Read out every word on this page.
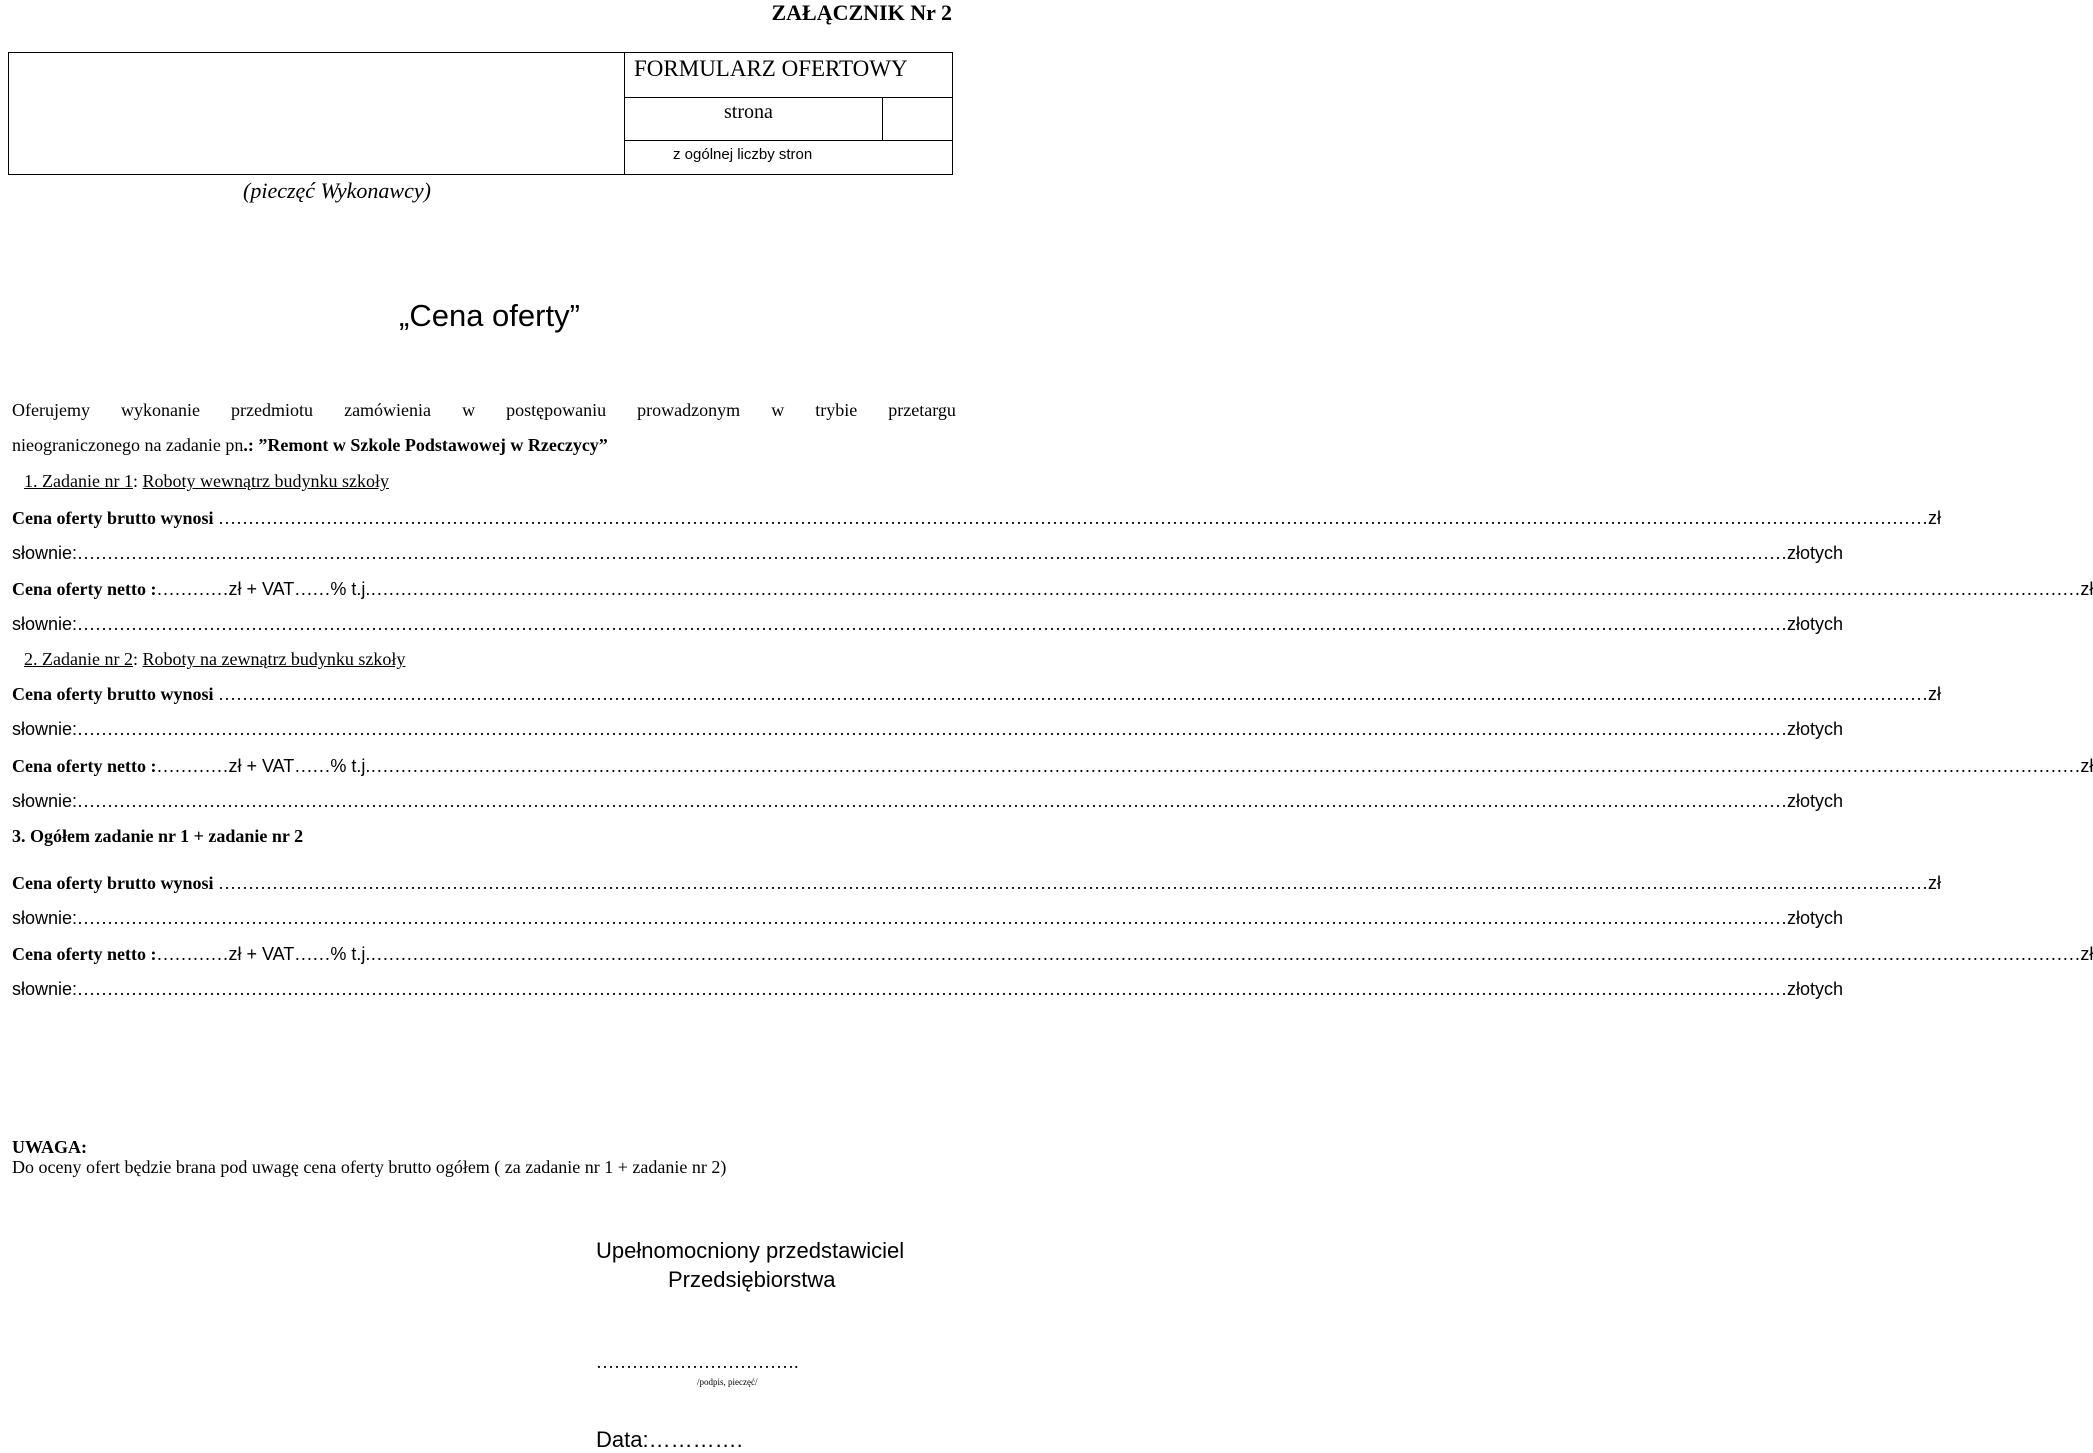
ZAŁĄCZNIK Nr 2
FORMULARZ OFERTOWY
strona
z ogólnej liczby stron
(pieczęć Wykonawcy)
„Cena oferty”
Oferujemy wykonanie przedmiotu zamówienia w postępowaniu prowadzonym w trybie przetargu
nieograniczonego na zadanie pn.: ”Remont w Szkole Podstawowej w Rzeczycy”
1. Zadanie nr 1: Roboty wewnątrz budynku szkoły
Cena oferty brutto wynosi …………………………………………………………………………………………………………………………………………………………………………………………………………………………………………………………… zł
słownie: …………………………………………………………………………………………………………………………………………………………………………………………………………………………………………………………… złotych
Cena oferty netto : ………… zł + VAT …… % t.j. …………………………………………………………………………………………………………………………………………………………………………………………………………………………………………………………… zł
słownie: …………………………………………………………………………………………………………………………………………………………………………………………………………………………………………………………… złotych
2. Zadanie nr 2: Roboty na zewnątrz budynku szkoły
Cena oferty brutto wynosi …………………………………………………………………………………………………………………………………………………………………………………………………………………………………………………………… zł
słownie: …………………………………………………………………………………………………………………………………………………………………………………………………………………………………………………………… złotych
Cena oferty netto : ………… zł + VAT …… % t.j. …………………………………………………………………………………………………………………………………………………………………………………………………………………………………………………………… zł
słownie: …………………………………………………………………………………………………………………………………………………………………………………………………………………………………………………………… złotych
3. Ogółem zadanie nr 1 + zadanie nr 2
Cena oferty brutto wynosi …………………………………………………………………………………………………………………………………………………………………………………………………………………………………………………………… zł
słownie: …………………………………………………………………………………………………………………………………………………………………………………………………………………………………………………………… złotych
Cena oferty netto : ………… zł + VAT …… % t.j. …………………………………………………………………………………………………………………………………………………………………………………………………………………………………………………………… zł
słownie: …………………………………………………………………………………………………………………………………………………………………………………………………………………………………………………………… złotych
UWAGA:
Do oceny ofert będzie brana pod uwagę cena oferty brutto ogółem ( za zadanie nr 1 + zadanie nr 2)
Upełnomocniony przedstawiciel
Przedsiębiorstwa
…………………………….
/podpis, pieczęć/
Data:………….
